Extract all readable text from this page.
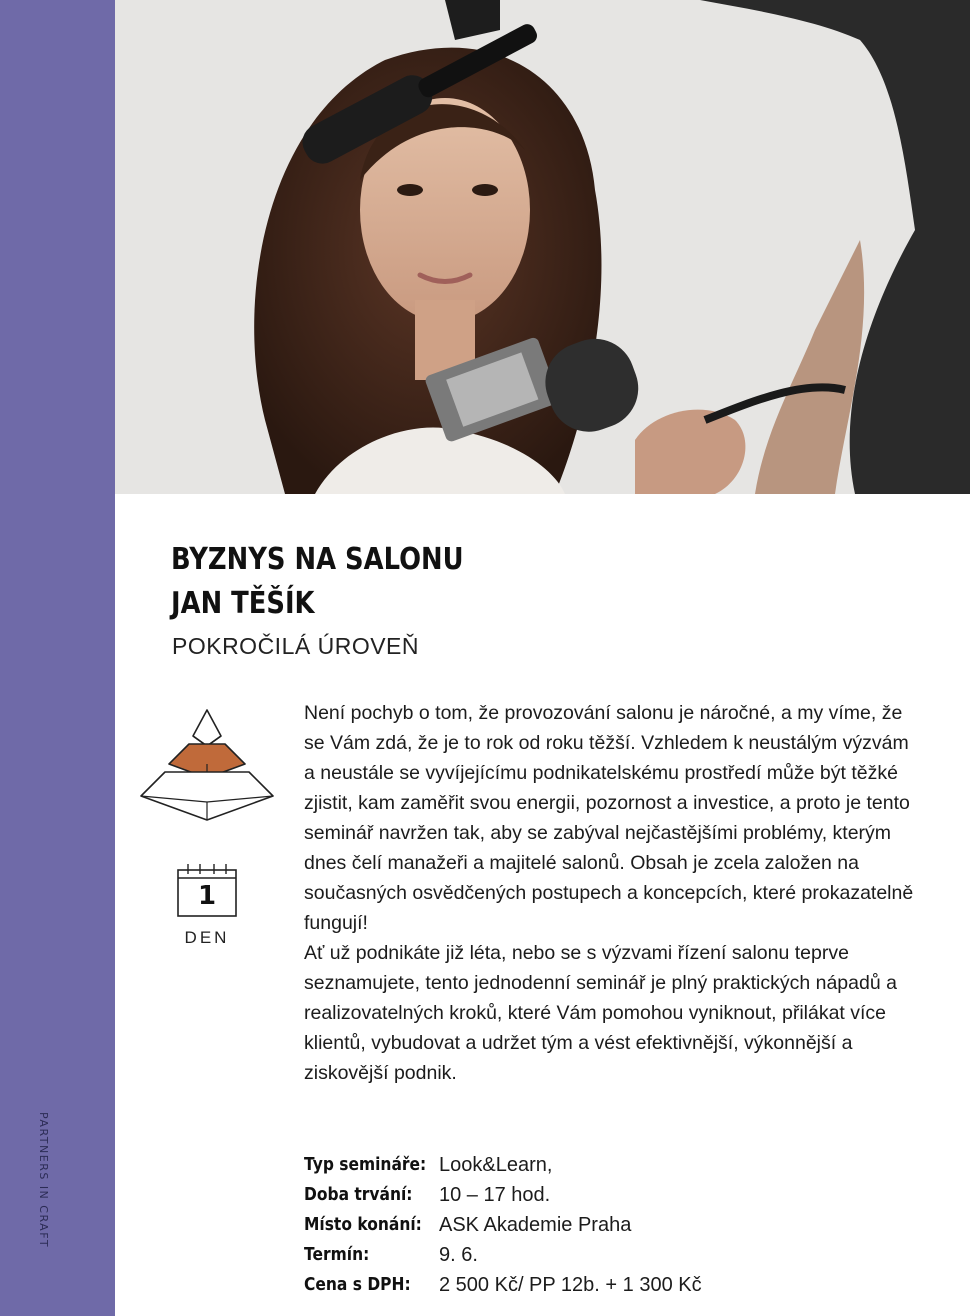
PARTNERS IN CRAFT
BYZNYS NA SALONU
JAN TĚŠÍK
POKROČILÁ ÚROVEŇ
1
DEN

Není pochyb o tom, že provozování salonu je náročné, a my víme, že se Vám zdá, že je to rok od roku těžší. Vzhledem k neustálým výzvám a neustále se vyvíjejícímu podnikatelskému prostředí může být těžké zjistit, kam zaměřit svou energii, pozornost a investice, a proto je tento seminář navržen tak, aby se zabýval nejčastějšími problémy, kterým dnes čelí manažeři a majitelé salonů. Obsah je zcela založen na současných osvědčených postupech a koncepcích, které prokazatelně fungují!

Ať už podnikáte již léta, nebo se s výzvami řízení salonu teprve seznamujete, tento jednodenní seminář je plný praktických nápadů a realizovatelných kroků, které Vám pomohou vyniknout, přilákat více klientů, vybudovat a udržet tým a vést efektivnější, výkonnější a ziskovější podnik.

Typ semináře: Look&Learn,
Doba trvání:	10 – 17 hod.
Místo konání: ASK Akademie Praha
Termín:	9. 6.
Cena s DPH:	2 500 Kč/ PP 12b. + 1 300 Kč
